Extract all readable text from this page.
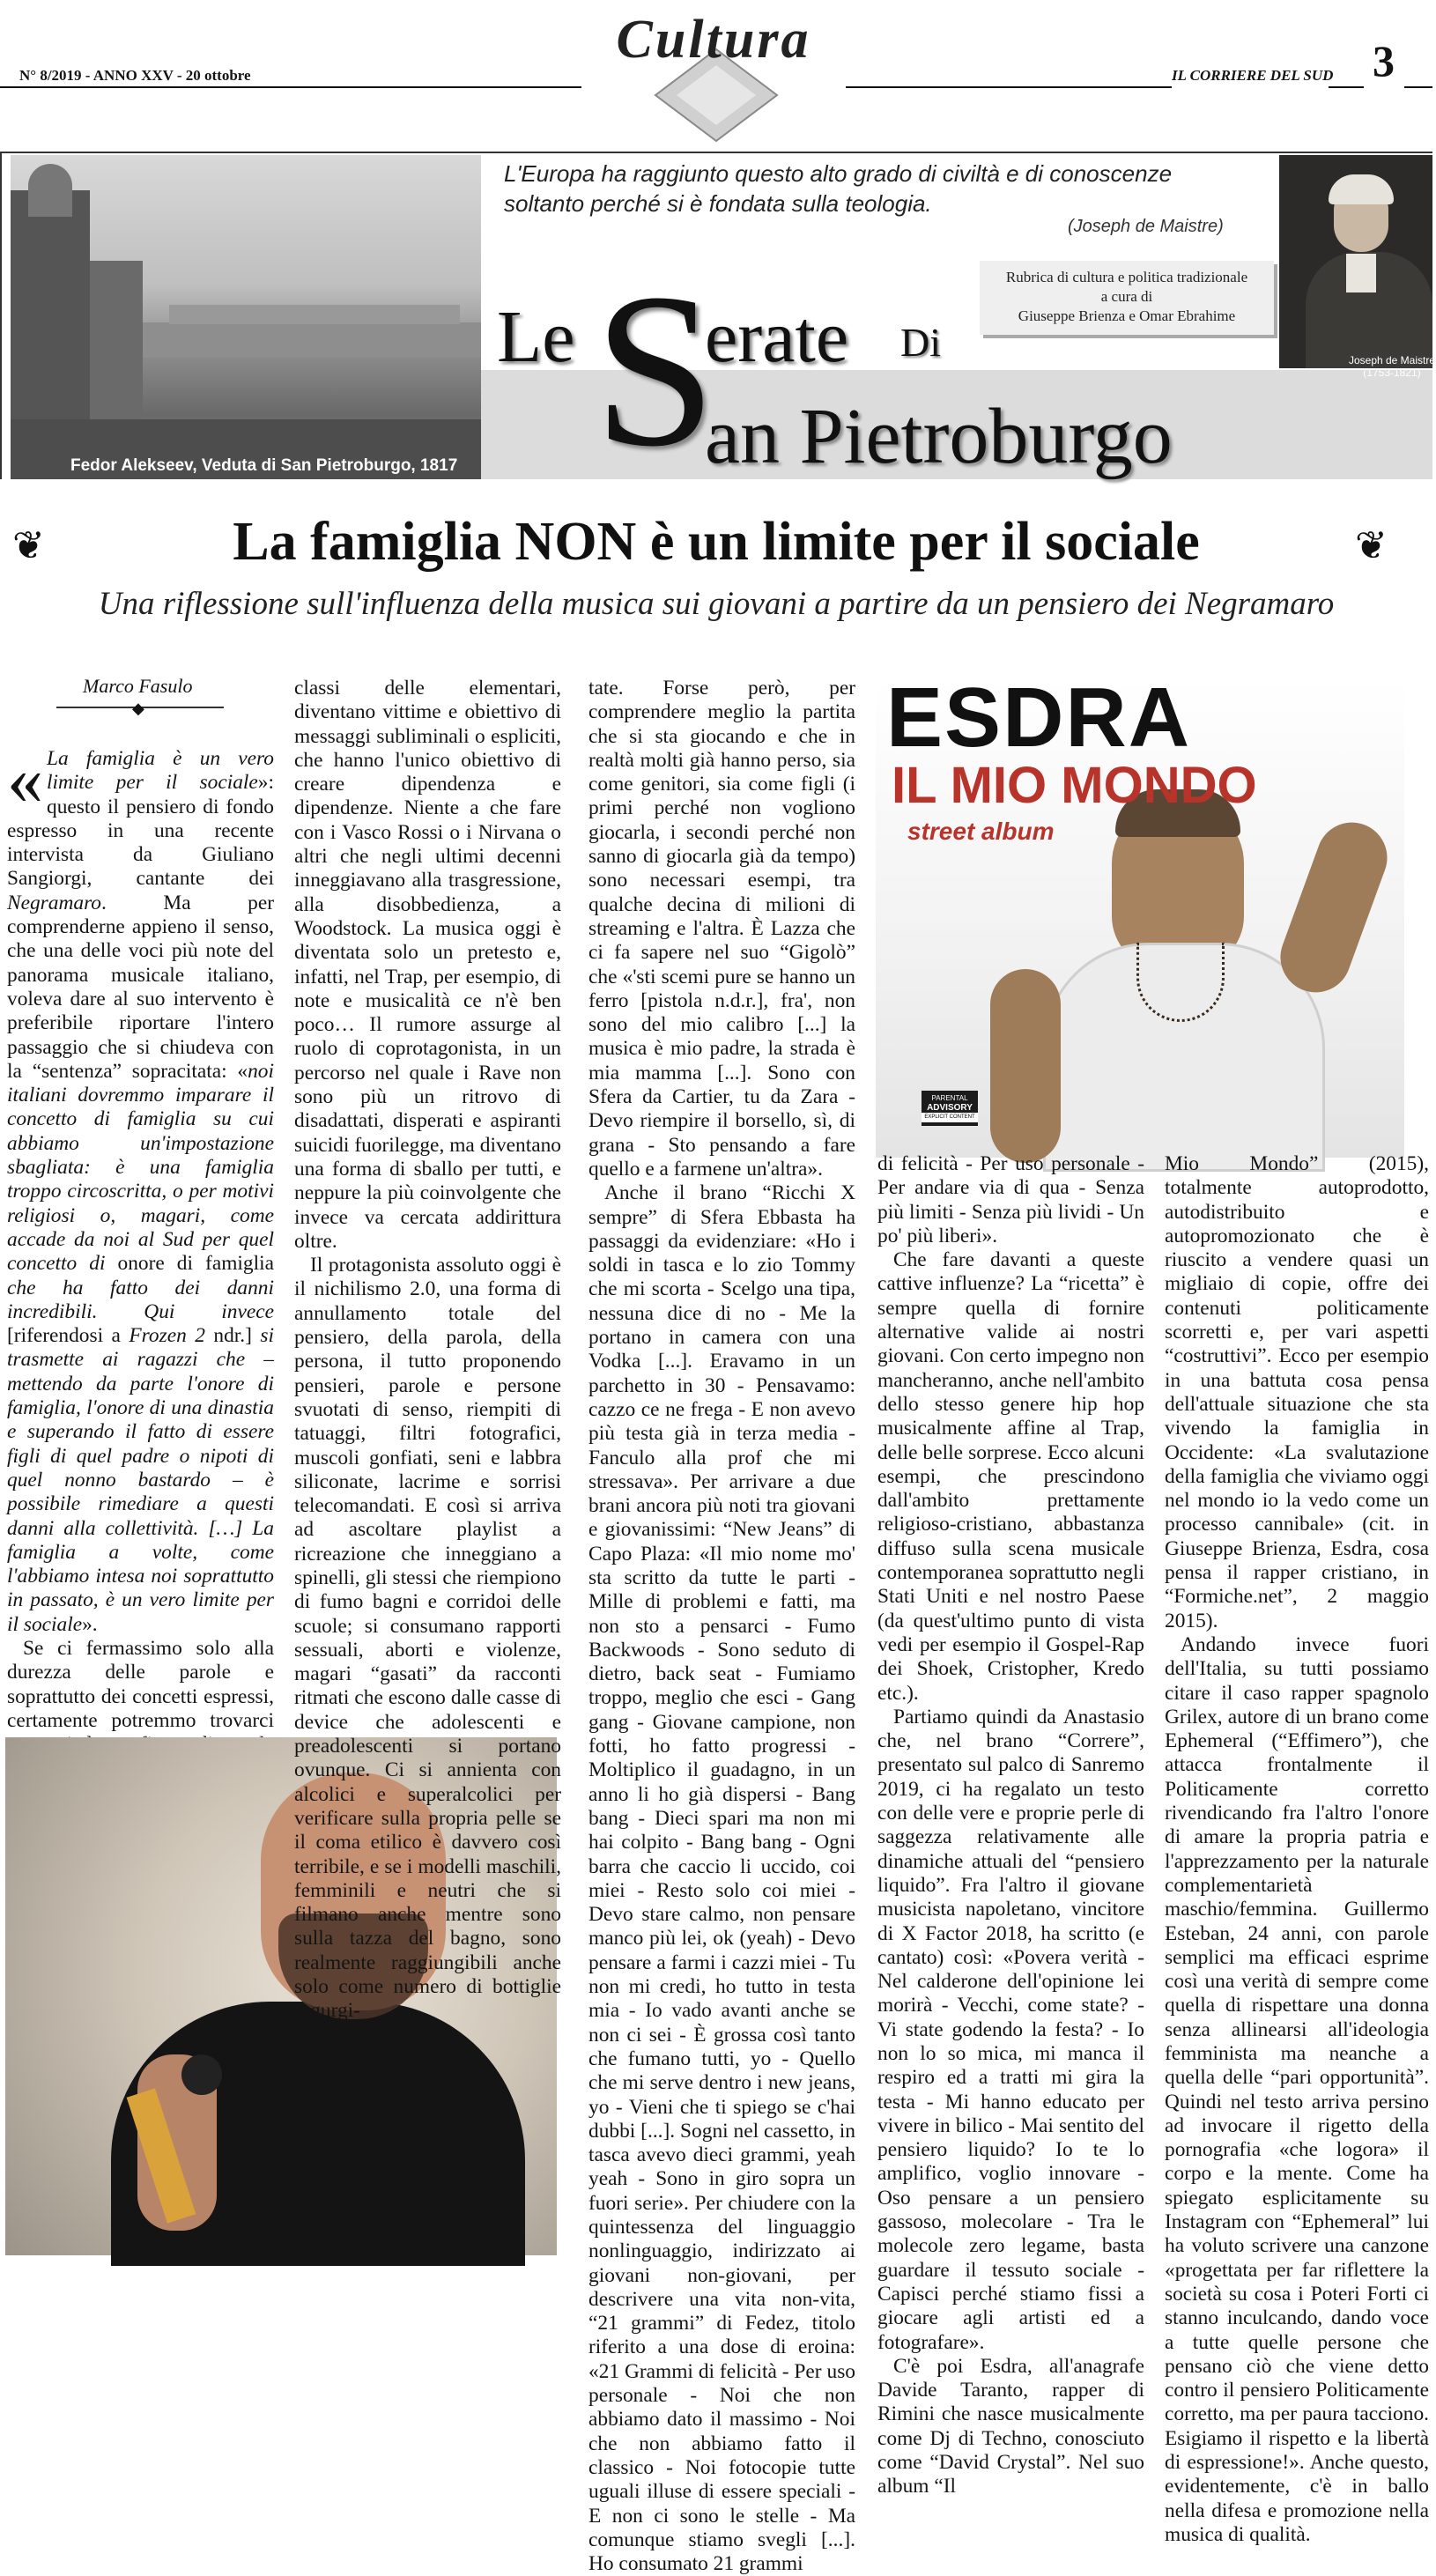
N° 8/2019 - ANNO XXV - 20 ottobre
Cultura
IL CORRIERE DEL SUD 3
Fedor Alekseev, Veduta di San Pietroburgo, 1817
L'Europa ha raggiunto questo alto grado di civiltà e di conoscenze soltanto perché si è fondata sulla teologia.
(Joseph de Maistre)
Rubrica di cultura e politica tradizionale
a cura di
Giuseppe Brienza e Omar Ebrahime
Joseph de Maistre
(1753-1821)
Le S
erate Di
an Pietroburgo
❦	❦
La famiglia NON è un limite per il sociale
Una riflessione sull'influenza della musica sui giovani a partire da un pensiero dei Negramaro
Marco Fasulo
◆

« La famiglia è un vero limite per il sociale»: questo il pensiero di fondo espresso in una recente intervista da Giuliano Sangiorgi, cantante dei Negramaro. Ma per comprenderne appieno il senso, che una delle voci più note del panorama musicale italiano, voleva dare al suo intervento è preferibile riportare l'intero passaggio che si chiudeva con la “sentenza” sopracitata: «noi italiani dovremmo imparare il concetto di famiglia su cui abbiamo un'impostazione sbagliata: è una famiglia troppo circoscritta, o per motivi religiosi o, magari, come accade da noi al Sud per quel concetto di onore di famiglia che ha fatto dei danni incredibili. Qui invece [riferendosi a Frozen 2 ndr.] si trasmette ai ragazzi che – mettendo da parte l'onore di famiglia, l'onore di una dinastia e superando il fatto di essere figli di quel padre o nipoti di quel nonno bastardo – è possibile rimediare a questi danni alla collettività. […] La famiglia a volte, come l'abbiamo intesa noi soprattutto in passato, è un vero limite per il sociale».

Se ci fermassimo solo alla durezza delle parole e soprattutto dei concetti espressi, certamente potremmo trovarci

classi delle elementari, diventano vittime e obiettivo di messaggi subliminali o espliciti, che hanno l'unico obiettivo di creare dipendenza e dipendenze. Niente a che fare con i Vasco Rossi o i Nirvana o altri che negli ultimi decenni inneggiavano alla trasgressione, alla disobbedienza, a Woodstock. La musica oggi è diventata solo un pretesto e, infatti, nel Trap, per esempio, di note e musicalità ce n'è ben poco… Il rumore assurge al ruolo di coprotagonista, in un percorso nel quale i Rave non sono più un ritrovo di disadattati, disperati e aspiranti suicidi fuorilegge, ma diventano una forma di sballo per tutti, e neppure la più coinvolgente che invece va cercata addirittura oltre.

Il protagonista assoluto oggi è il nichilismo 2.0, una forma di annullamento totale del pensiero, della parola, della persona, il tutto proponendo pensieri, parole e persone svuotati di senso, riempiti di tatuaggi, filtri fotografici, muscoli gonfiati, seni e labbra siliconate, lacrime e sorrisi telecomandati. E così si arriva ad ascoltare playlist a ricreazione che inneggiano a spinelli, gli stessi che riempiono di fumo bagni e corridoi delle scuole; si consumano rapporti sessuali, aborti e violenze, magari “gasati” da racconti ritmati che escono dalle casse di device che adolescenti e preadolescenti si portano ovunque. Ci si annienta con alcolici e superalcolici per verificare sulla propria pelle se il coma etilico è davvero così terribile, e se i modelli maschili, femminili e neutri che si filmano anche mentre sono sulla tazza del bagno, sono realmente raggiungibili anche solo come numero di bottiglie ingurgi-

tate. Forse però, per comprendere meglio la partita che si sta giocando e che in realtà molti già hanno perso, sia come genitori, sia come figli (i primi perché non vogliono giocarla, i secondi perché non sanno di giocarla già da tempo) sono necessari esempi, tra qualche decina di milioni di streaming e l'altra. È Lazza che ci fa sapere nel suo “Gigolò” che «'sti scemi pure se hanno un ferro [pistola n.d.r.], fra', non sono del mio calibro [...] la musica è mio padre, la strada è mia mamma [...]. Sono con Sfera da Cartier, tu da Zara - Devo riempire il borsello, sì, di grana - Sto pensando a fare quello e a farmene un'altra».

Anche il brano “Ricchi X sempre” di Sfera Ebbasta ha passaggi da evidenziare: «Ho i soldi in tasca e lo zio Tommy che mi scorta - Scelgo una tipa, nessuna dice di no - Me la portano in camera con una Vodka [...]. Eravamo in un parchetto in 30 - Pensavamo: cazzo ce ne frega - E non avevo più testa già in terza media - Fanculo alla prof che mi stressava». Per arrivare a due brani ancora più noti tra giovani e giovanissimi: “New Jeans” di Capo Plaza: «Il mio nome mo' sta scritto da tutte le parti - Mille di problemi e fatti, ma non sto a pensarci - Fumo Backwoods - Sono seduto di dietro, back seat - Fumiamo troppo, meglio che esci - Gang gang - Giovane campione, non fotti, ho fatto progressi - Moltiplico il guadagno, in un anno li ho già dispersi - Bang bang - Dieci spari ma non mi hai colpito - Bang bang - Ogni barra che caccio li uccido, coi miei - Resto solo coi miei - Devo stare calmo, non pensare manco più lei, ok (yeah) - Devo pensare a farmi i cazzi miei - Tu non mi credi, ho tutto in testa mia - Io vado avanti anche se non ci sei - È grossa così tanto che fumano tutti, yo - Quello che mi serve dentro i new jeans, yo - Vieni che ti spiego se c'hai dubbi [...]. Sogni nel cassetto, in tasca avevo dieci grammi, yeah yeah - Sono in giro sopra un fuori serie». Per chiudere con la quintessenza del linguaggio nonlinguaggio, indirizzato ai giovani non-giovani, per descrivere una vita non-vita, “21 grammi” di Fedez, titolo riferito a una dose di eroina: «21 Grammi di felicità - Per uso personale - Noi che non abbiamo dato il massimo - Noi che non abbiamo fatto il classico - Noi fotocopie tutte uguali illuse di essere speciali - E non ci sono le stelle - Ma comunque stiamo svegli [...]. Ho consumato 21 grammi

ESDRA
IL MIO MONDO
street album
PARENTAL
ADVISORY
EXPLICIT CONTENT

di felicità - Per uso personale - Per andare via di qua - Senza più limiti - Senza più lividi - Un po' più liberi».

Che fare davanti a queste cattive influenze? La “ricetta” è sempre quella di fornire alternative valide ai nostri giovani. Con certo impegno non mancheranno, anche nell'ambito dello stesso genere hip hop musicalmente affine al Trap, delle belle sorprese. Ecco alcuni esempi, che prescindono dall'ambito prettamente religioso-cristiano, abbastanza diffuso sulla scena musicale contemporanea soprattutto negli Stati Uniti e nel nostro Paese (da quest'ultimo punto di vista vedi per esempio il Gospel-Rap dei Shoek, Cristopher, Kredo etc.).

Partiamo quindi da Anastasio che, nel brano “Correre”, presentato sul palco di Sanremo 2019, ci ha regalato un testo con delle vere e proprie perle di saggezza relativamente alle dinamiche attuali del “pensiero liquido”. Fra l'altro il giovane musicista napoletano, vincitore di X Factor 2018, ha scritto (e cantato) così: «Povera verità - Nel calderone dell'opinione lei morirà - Vecchi, come state? - Vi state godendo la festa? - Io non lo so mica, mi manca il respiro ed a tratti mi gira la testa - Mi hanno educato per vivere in bilico - Mai sentito del pensiero liquido? Io te lo amplifico, voglio innovare - Oso pensare a un pensiero gassoso, molecolare - Tra le molecole zero legame, basta guardare il tessuto sociale - Capisci perché stiamo fissi a giocare agli artisti ed a fotografare».

C'è poi Esdra, all'anagrafe Davide Taranto, rapper di Rimini che nasce musicalmente come Dj di Techno, conosciuto come “David Crystal”. Nel suo album “Il

Mio Mondo” (2015), totalmente autoprodotto, autodistribuito e autopromozionato che è riuscito a vendere quasi un migliaio di copie, offre dei contenuti politicamente scorretti e, per vari aspetti “costruttivi”. Ecco per esempio in una battuta cosa pensa dell'attuale situazione che sta vivendo la famiglia in Occidente: «La svalutazione della famiglia che viviamo oggi nel mondo io la vedo come un processo cannibale» (cit. in Giuseppe Brienza, Esdra, cosa pensa il rapper cristiano, in “Formiche.net”, 2 maggio 2015).

Andando invece fuori dell'Italia, su tutti possiamo citare il caso rapper spagnolo Grilex, autore di un brano come Ephemeral (“Effimero”), che attacca frontalmente il Politicamente corretto rivendicando fra l'altro l'onore di amare la propria patria e l'apprezzamento per la naturale complementarietà maschio/femmina. Guillermo Esteban, 24 anni, con parole semplici ma efficaci esprime così una verità di sempre come quella di rispettare una donna senza allinearsi all'ideologia femminista ma neanche a quella delle “pari opportunità”. Quindi nel testo arriva persino ad invocare il rigetto della pornografia «che logora» il corpo e la mente. Come ha spiegato esplicitamente su Instagram con “Ephemeral” lui ha voluto scrivere una canzone «progettata per far riflettere la società su cosa i Poteri Forti ci stanno inculcando, dando voce a tutte quelle persone che pensano ciò che viene detto contro il pensiero Politicamente corretto, ma per paura tacciono. Esigiamo il rispetto e la libertà di espressione!». Anche questo, evidentemente, c'è in ballo nella difesa e promozione nella musica di qualità.
